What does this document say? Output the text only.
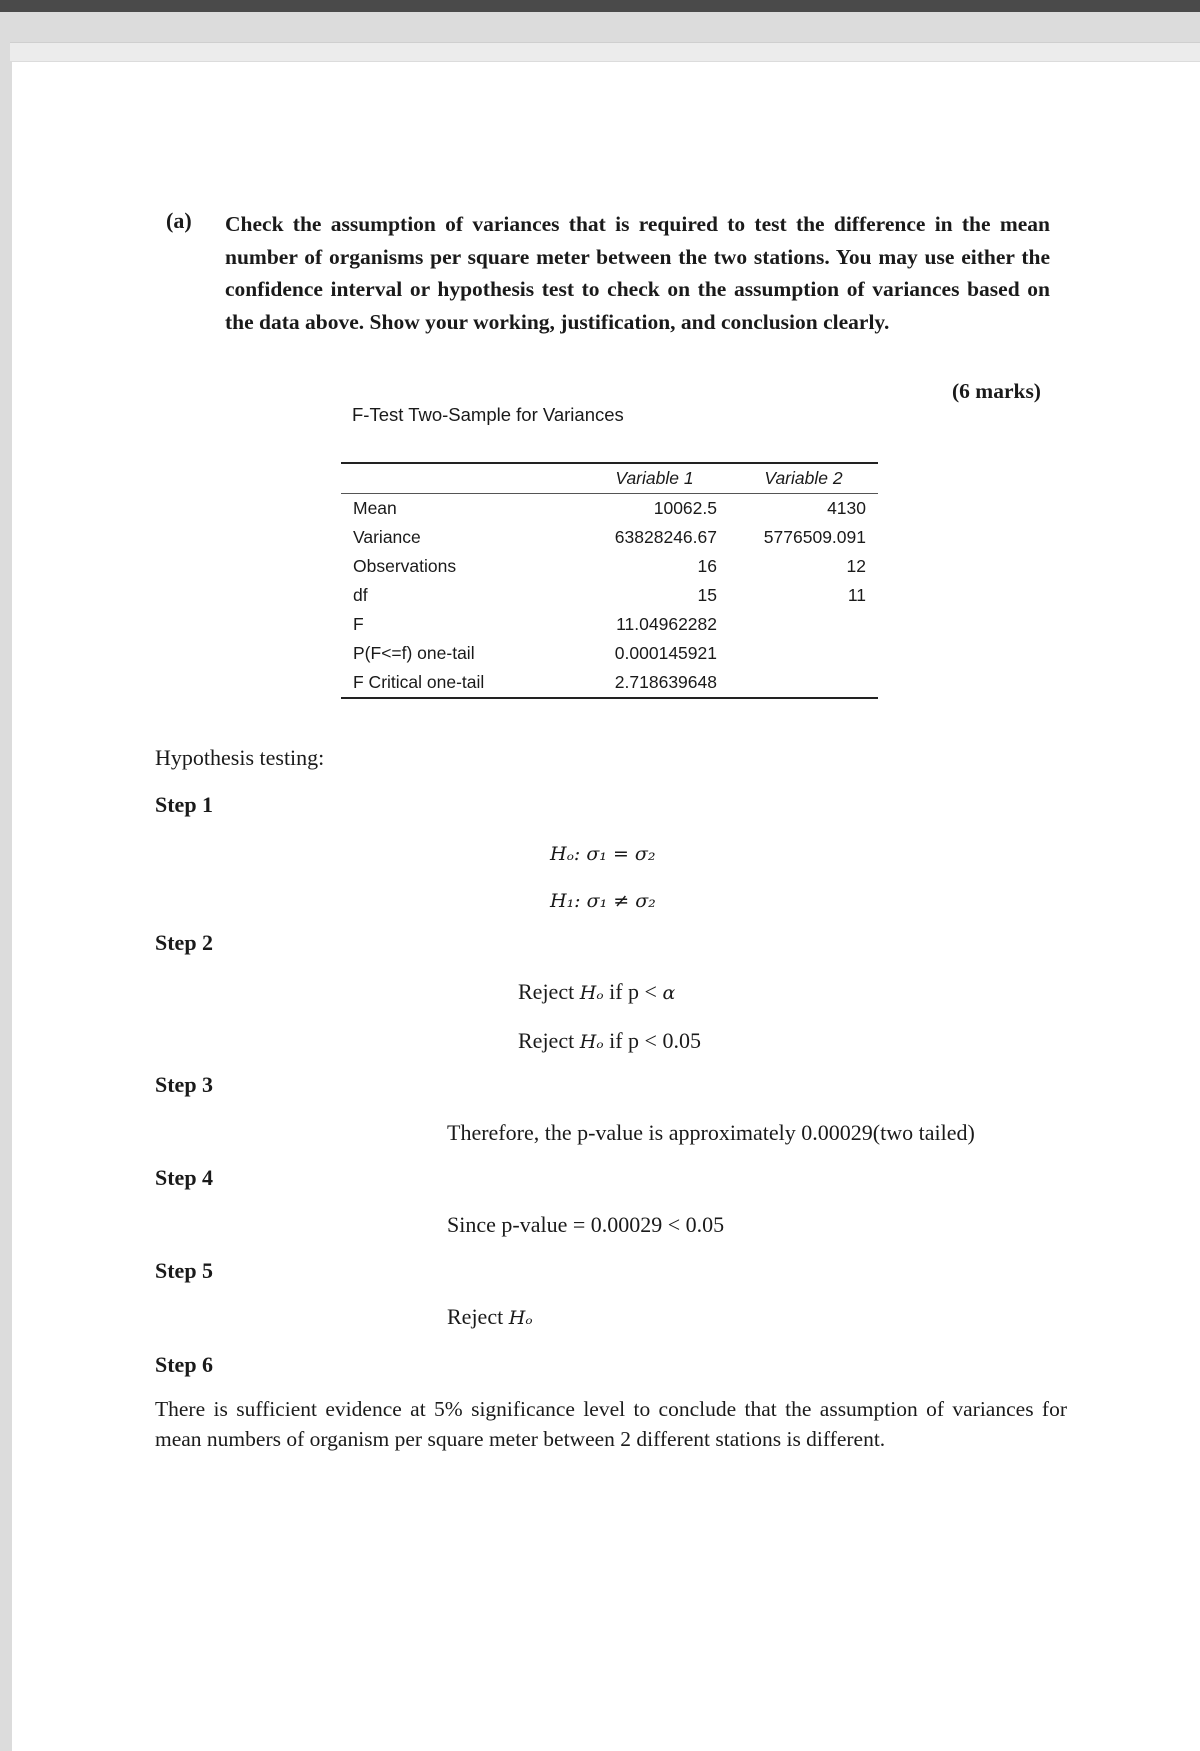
(a) Check the assumption of variances that is required to test the difference in the mean number of organisms per square meter between the two stations. You may use either the confidence interval or hypothesis test to check on the assumption of variances based on the data above. Show your working, justification, and conclusion clearly.
(6 marks)
F-Test Two-Sample for Variances
	Variable 1	Variable 2
Mean	10062.5	4130
Variance	63828246.67	5776509.091
Observations	16	12
df	15	11
F	11.04962282	
P(F<=f) one-tail	0.000145921	
F Critical one-tail	2.718639648	
Hypothesis testing:
Step 1
Hₒ: σ₁ = σ₂
H₁: σ₁ ≠ σ₂
Step 2
Reject Hₒ if p < α
Reject Hₒ if p < 0.05
Step 3
Therefore, the p-value is approximately 0.00029(two tailed)
Step 4
Since p-value = 0.00029 < 0.05
Step 5
Reject Hₒ
Step 6
There is sufficient evidence at 5% significance level to conclude that the assumption of variances for mean numbers of organism per square meter between 2 different stations is different.
